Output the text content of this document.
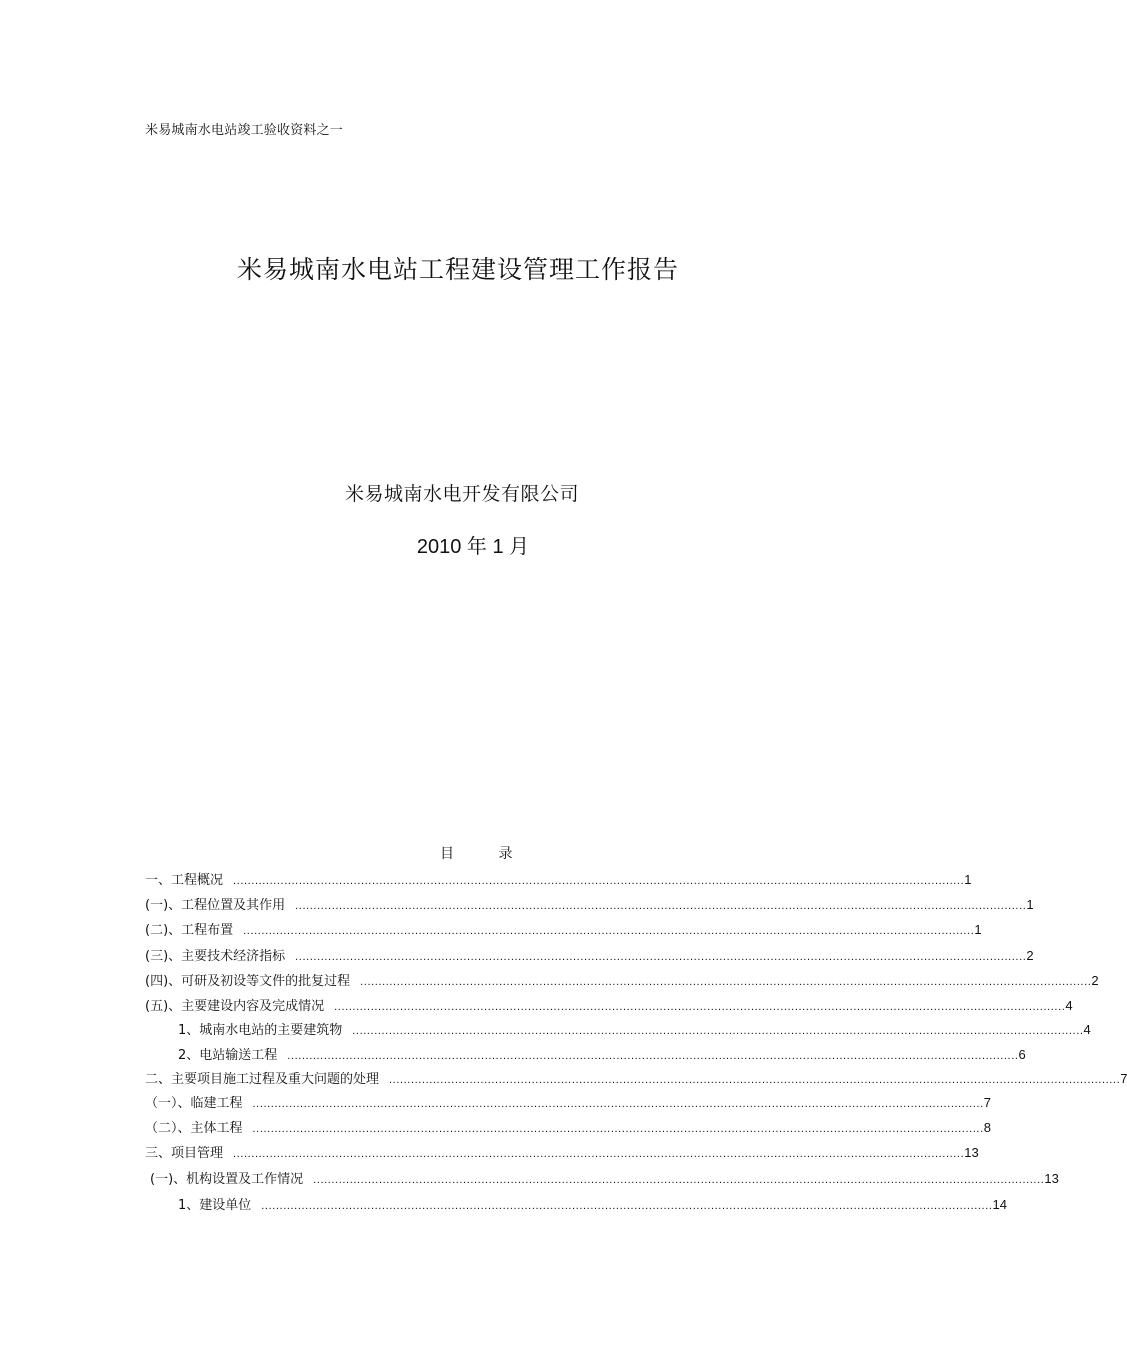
米易城南水电站竣工验收资料之一
米易城南水电站工程建设管理工作报告
米易城南水电开发有限公司
2010 年 1 月
目 录
一、工程概况 ........................................................................................................................................................................................................ 1
(一)、工程位置及其作用 ........................................................................................................................................................................................................ 1
(二)、工程布置 ........................................................................................................................................................................................................ 1
(三)、主要技术经济指标 ........................................................................................................................................................................................................ 2
(四)、可研及初设等文件的批复过程 ........................................................................................................................................................................................................ 2
(五)、主要建设内容及完成情况 ........................................................................................................................................................................................................ 4
1、城南水电站的主要建筑物 ........................................................................................................................................................................................................ 4
2、电站输送工程 ........................................................................................................................................................................................................ 6
二、主要项目施工过程及重大问题的处理 ........................................................................................................................................................................................................ 7
（一）、临建工程 ........................................................................................................................................................................................................ 7
（二）、主体工程 ........................................................................................................................................................................................................ 8
三、项目管理 ........................................................................................................................................................................................................ 13
(一)、机构设置及工作情况 ........................................................................................................................................................................................................ 13
1、建设单位 ........................................................................................................................................................................................................ 14
